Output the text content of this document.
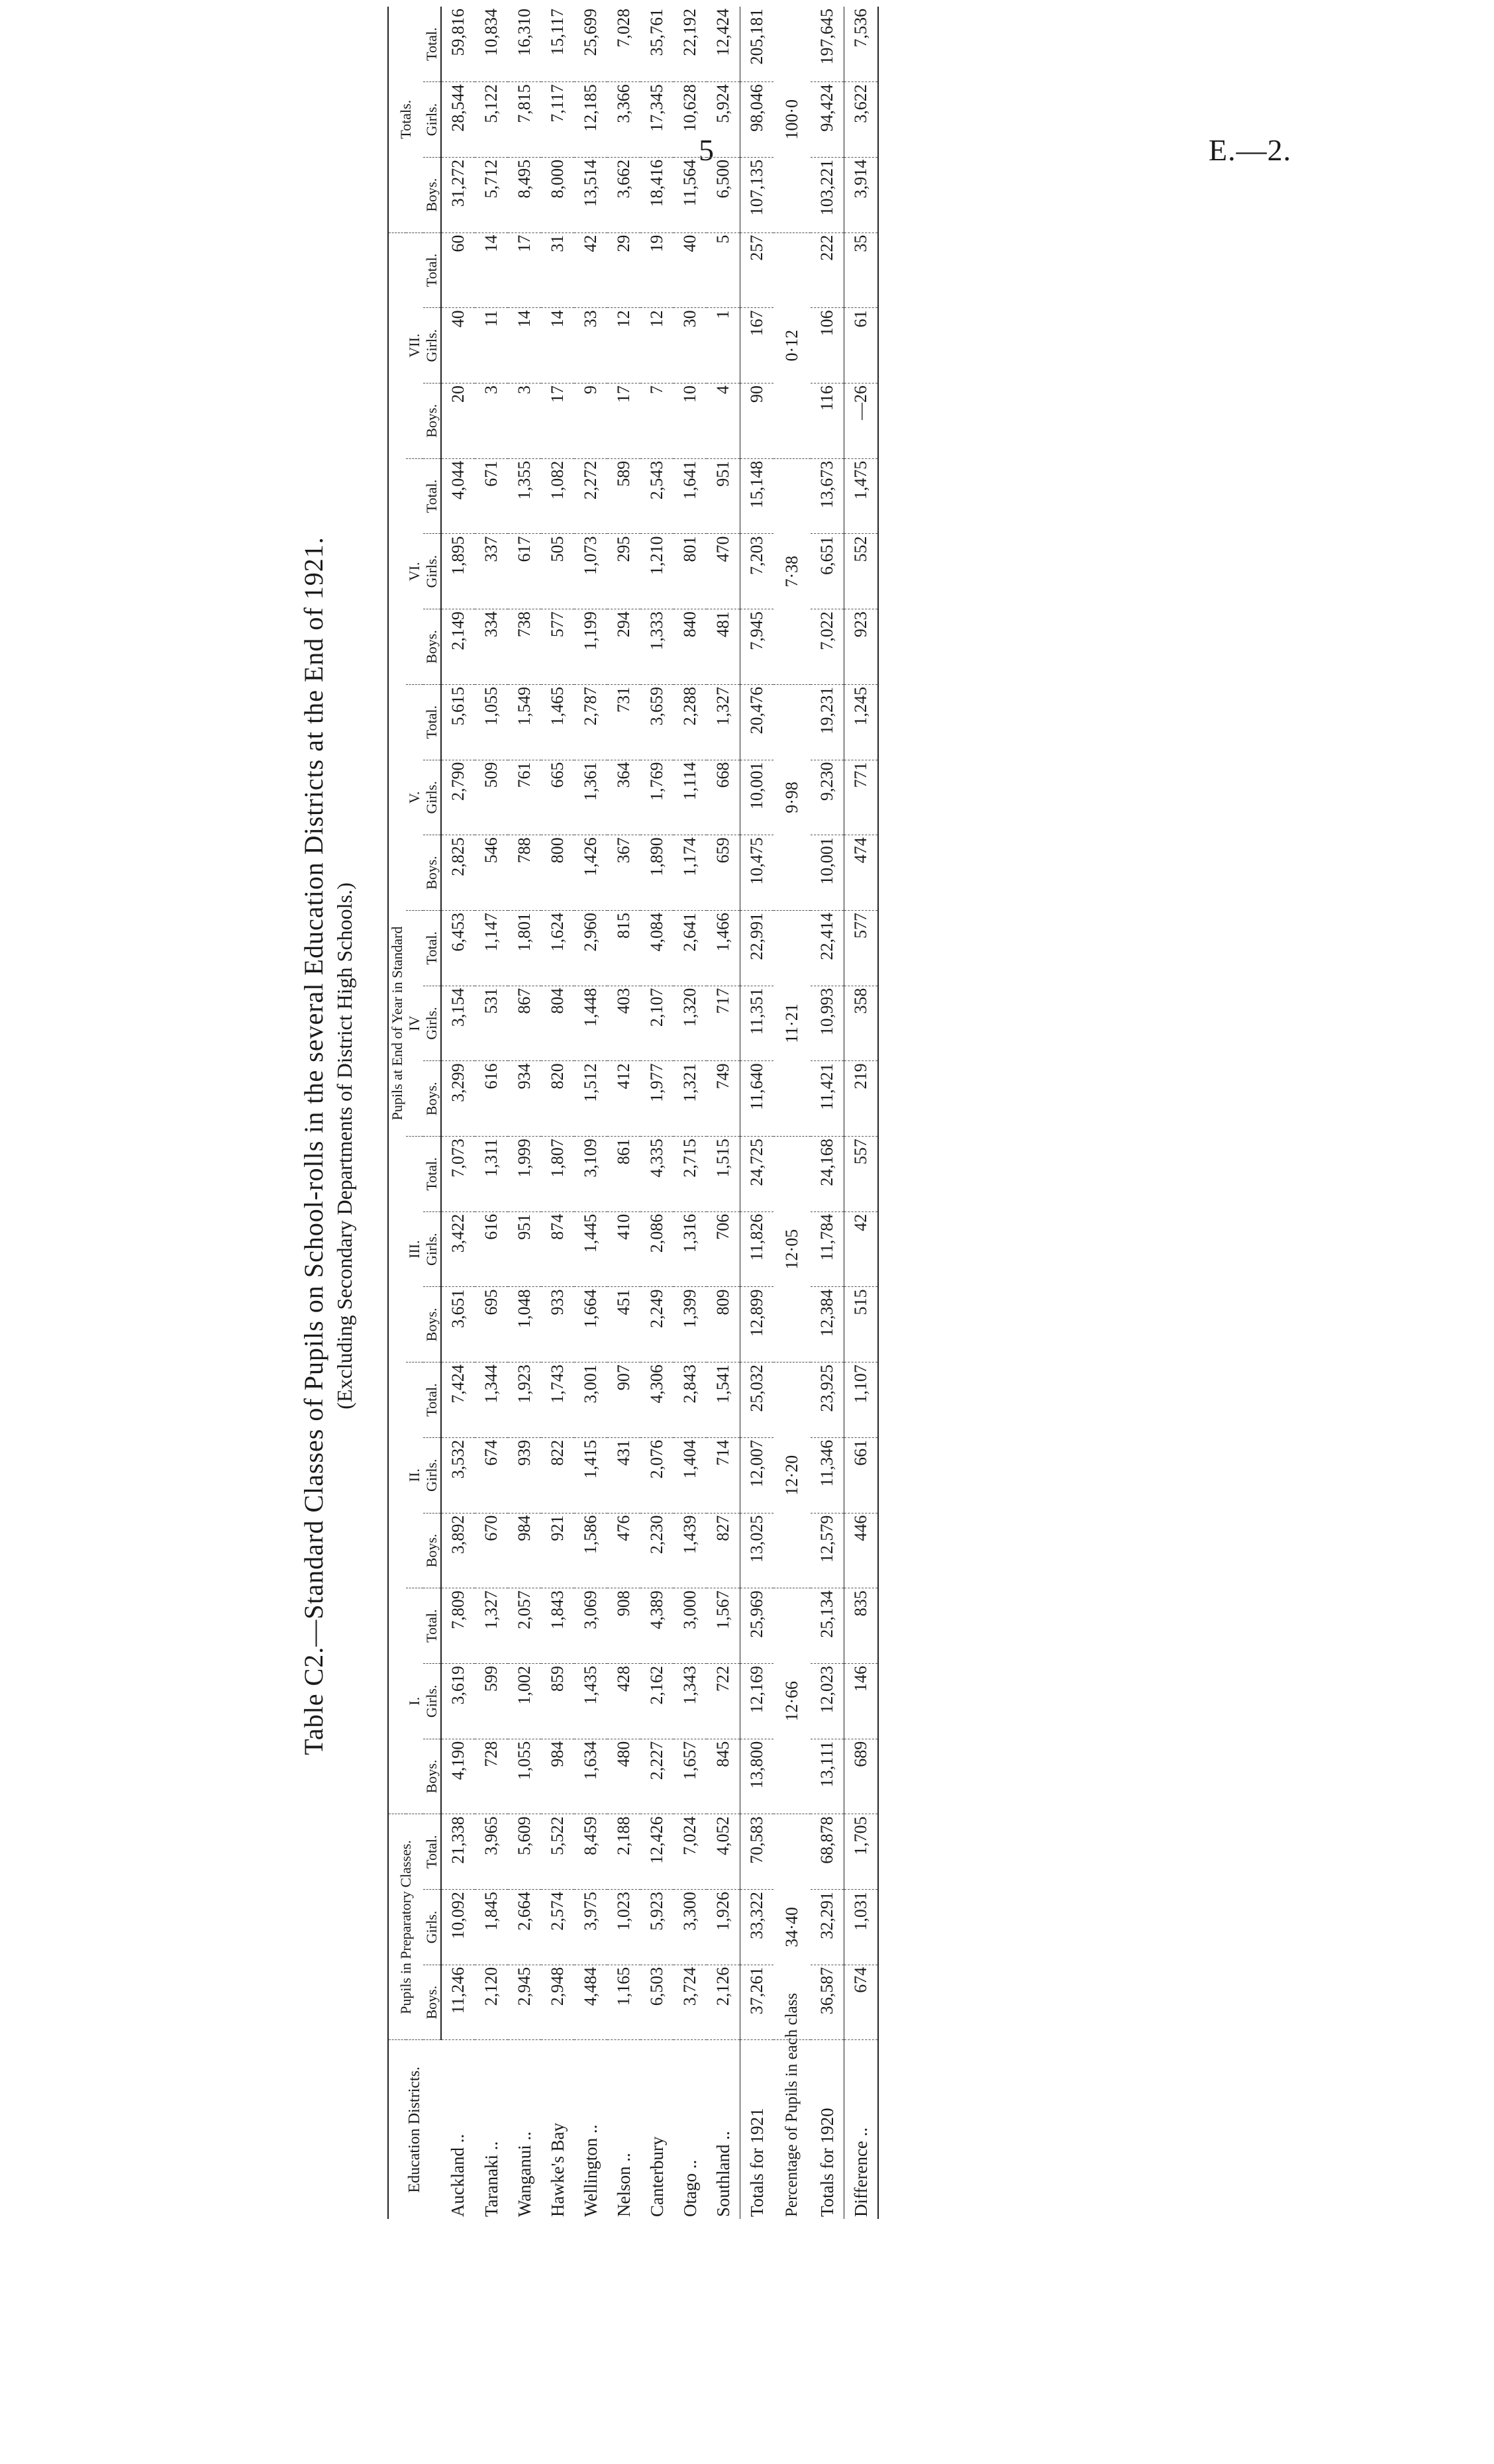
5	E.—2.
Table C2.—Standard Classes of Pupils on School-rolls in the several Education Districts at the End of 1921. (Excluding Secondary Departments of District High Schools.)
Education Districts.	Pupils in Preparatory Classes.			Pupils at End of Year in Standard																					Totals.		
				I.			II.			III.			IV			V.			VI.			VII.					
	Boys.	Girls.	Total.	Boys.	Girls.	Total.	Boys.	Girls.	Total.	Boys.	Girls.	Total.	Boys.	Girls.	Total.	Boys.	Girls.	Total.	Boys.	Girls.	Total.	Boys.	Girls.	Total.	Boys.	Girls.	Total.
Auckland ..	11,246	10,092	21,338	4,190	3,619	7,809	3,892	3,532	7,424	3,651	3,422	7,073	3,299	3,154	6,453	2,825	2,790	5,615	2,149	1,895	4,044	20	40	60	31,272	28,544	59,816
Taranaki ..	2,120	1,845	3,965	728	599	1,327	670	674	1,344	695	616	1,311	616	531	1,147	546	509	1,055	334	337	671	3	11	14	5,712	5,122	10,834
Wanganui ..	2,945	2,664	5,609	1,055	1,002	2,057	984	939	1,923	1,048	951	1,999	934	867	1,801	788	761	1,549	738	617	1,355	3	14	17	8,495	7,815	16,310
Hawke's Bay	2,948	2,574	5,522	984	859	1,843	921	822	1,743	933	874	1,807	820	804	1,624	800	665	1,465	577	505	1,082	17	14	31	8,000	7,117	15,117
Wellington ..	4,484	3,975	8,459	1,634	1,435	3,069	1,586	1,415	3,001	1,664	1,445	3,109	1,512	1,448	2,960	1,426	1,361	2,787	1,199	1,073	2,272	9	33	42	13,514	12,185	25,699
Nelson ..	1,165	1,023	2,188	480	428	908	476	431	907	451	410	861	412	403	815	367	364	731	294	295	589	17	12	29	3,662	3,366	7,028
Canterbury	6,503	5,923	12,426	2,227	2,162	4,389	2,230	2,076	4,306	2,249	2,086	4,335	1,977	2,107	4,084	1,890	1,769	3,659	1,333	1,210	2,543	7	12	19	18,416	17,345	35,761
Otago ..	3,724	3,300	7,024	1,657	1,343	3,000	1,439	1,404	2,843	1,399	1,316	2,715	1,321	1,320	2,641	1,174	1,114	2,288	840	801	1,641	10	30	40	11,564	10,628	22,192
Southland ..	2,126	1,926	4,052	845	722	1,567	827	714	1,541	809	706	1,515	749	717	1,466	659	668	1,327	481	470	951	4	1	5	6,500	5,924	12,424
Totals for 1921	37,261	33,322	70,583	13,800	12,169	25,969	13,025	12,007	25,032	12,899	11,826	24,725	11,640	11,351	22,991	10,475	10,001	20,476	7,945	7,203	15,148	90	167	257	107,135	98,046	205,181
Percentage of Pupils in each class	34·40			12·66			12·20			12·05			11·21			9·98			7·38			0·12			100·0		
Totals for 1920	36,587	32,291	68,878	13,111	12,023	25,134	12,579	11,346	23,925	12,384	11,784	24,168	11,421	10,993	22,414	10,001	9,230	19,231	7,022	6,651	13,673	116	106	222	103,221	94,424	197,645
Difference ..	674	1,031	1,705	689	146	835	446	661	1,107	515	42	557	219	358	577	474	771	1,245	923	552	1,475	—26	61	35	3,914	3,622	7,536
